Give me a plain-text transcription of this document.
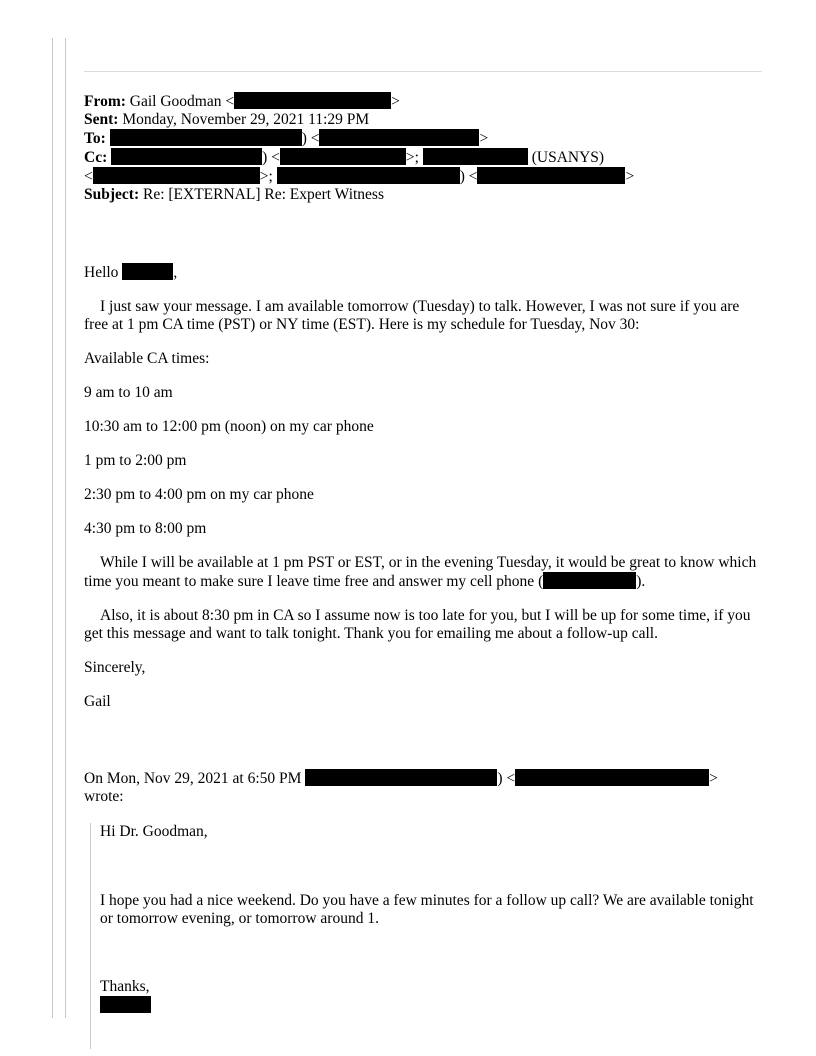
From: Gail Goodman <	>
Sent: Monday, November 29, 2021 11:29 PM
To:	) <	>
Cc:	) <	>;	(USANYS)
<	>;	) <	>
Subject: Re: [EXTERNAL] Re: Expert Witness

Hello	,

I just saw your message. I am available tomorrow (Tuesday) to talk. However, I was not sure if you are free at 1 pm CA time (PST) or NY time (EST). Here is my schedule for Tuesday, Nov 30:

Available CA times:

9 am to 10 am

10:30 am to 12:00 pm (noon) on my car phone

1 pm to 2:00 pm

2:30 pm to 4:00 pm on my car phone

4:30 pm to 8:00 pm

While I will be available at 1 pm PST or EST, or in the evening Tuesday, it would be great to know which time you meant to make sure I leave time free and answer my cell phone (	).

Also, it is about 8:30 pm in CA so I assume now is too late for you, but I will be up for some time, if you get this message and want to talk tonight. Thank you for emailing me about a follow-up call.

Sincerely,

Gail

On Mon, Nov 29, 2021 at 6:50 PM	) <	>
wrote:

Hi Dr. Goodman,

I hope you had a nice weekend. Do you have a few minutes for a follow up call? We are available tonight or tomorrow evening, or tomorrow around 1.

Thanks,
